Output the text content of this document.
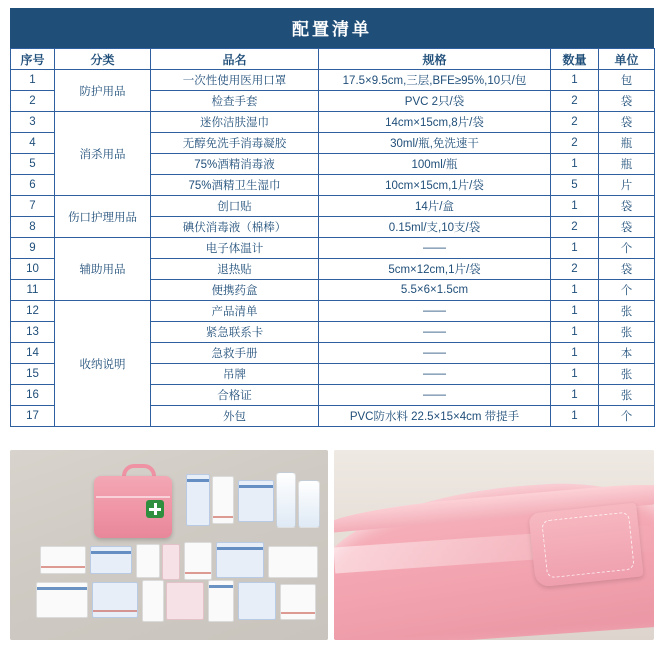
配置清单
序号	分类	品名	规格	数量	单位
1	防护用品	一次性使用医用口罩	17.5×9.5cm,三层,BFE≥95%,10只/包	1	包
2		检查手套	PVC 2只/袋	2	袋
3	消杀用品	迷你洁肤湿巾	14cm×15cm,8片/袋	2	袋
4		无醇免洗手消毒凝胶	30ml/瓶,免洗速干	2	瓶
5		75%酒精消毒液	100ml/瓶	1	瓶
6		75%酒精卫生湿巾	10cm×15cm,1片/袋	5	片
7	伤口护理用品	创口贴	14片/盒	1	袋
8		碘伏消毒液（棉棒）	0.15ml/支,10支/袋	2	袋
9	辅助用品	电子体温计	——	1	个
10		退热贴	5cm×12cm,1片/袋	2	袋
11		便携药盒	5.5×6×1.5cm	1	个
12	收纳说明	产品清单	——	1	张
13		紧急联系卡	——	1	张
14		急救手册	——	1	本
15		吊牌	——	1	张
16		合格证	——	1	张
17		外包	PVC防水料 22.5×15×4cm 带提手	1	个
